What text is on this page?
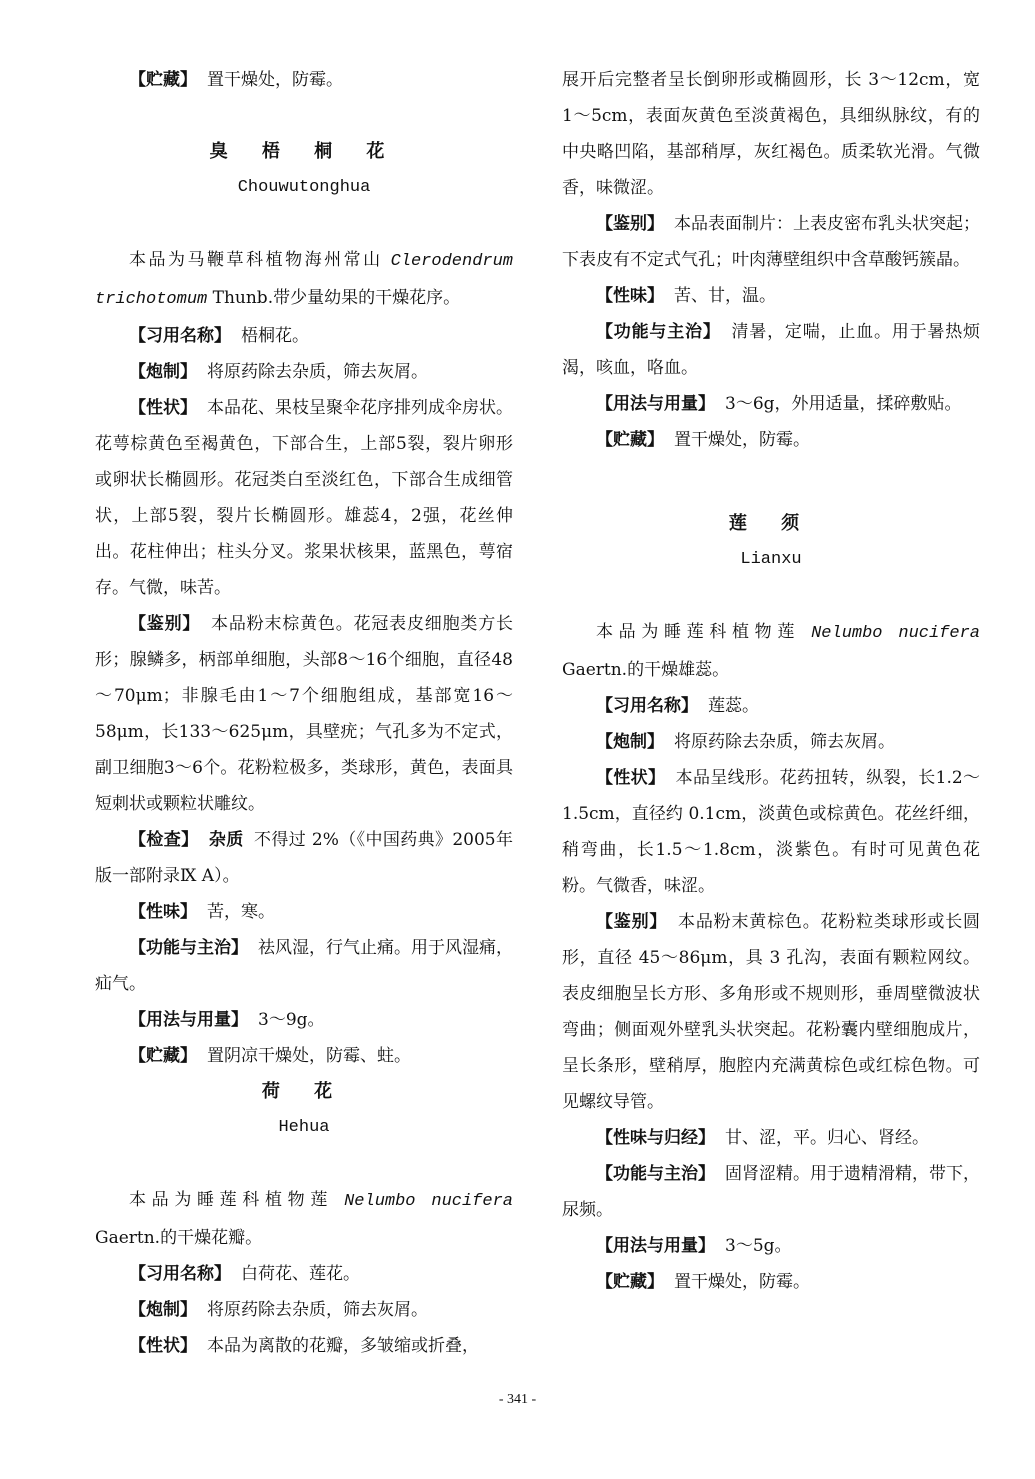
【贮藏】 置干燥处，防霉。

臭 梧 桐 花

Chouwutonghua

本品为马鞭草科植物海州常山 Clerodendrum trichotomum Thunb.带少量幼果的干燥花序。

【习用名称】 梧桐花。

【炮制】 将原药除去杂质，筛去灰屑。

【性状】 本品花、果枝呈聚伞花序排列成伞房状。花萼棕黄色至褐黄色，下部合生，上部5裂，裂片卵形或卵状长椭圆形。花冠类白至淡红色，下部合生成细管状，上部5裂，裂片长椭圆形。雄蕊4，2强，花丝伸出。花柱伸出；柱头分叉。浆果状核果，蓝黑色，萼宿存。气微，味苦。

【鉴别】 本品粉末棕黄色。花冠表皮细胞类方长形；腺鳞多，柄部单细胞，头部8～16个细胞，直径48～70μm；非腺毛由1～7个细胞组成，基部宽16～58μm，长133～625μm，具壁疣；气孔多为不定式，副卫细胞3～6个。花粉粒极多，类球形，黄色，表面具短刺状或颗粒状雕纹。

【检查】 杂质 不得过 2%（《中国药典》2005年版一部附录Ⅸ A）。

【性味】 苦，寒。

【功能与主治】 祛风湿，行气止痛。用于风湿痛，疝气。

【用法与用量】 3～9g。

【贮藏】 置阴凉干燥处，防霉、蛀。

荷 花

Hehua

本品为睡莲科植物莲 Nelumbo nucifera Gaertn.的干燥花瓣。

【习用名称】 白荷花、莲花。

【炮制】 将原药除去杂质，筛去灰屑。

【性状】 本品为离散的花瓣，多皱缩或折叠，

展开后完整者呈长倒卵形或椭圆形，长 3～12cm，宽 1～5cm，表面灰黄色至淡黄褐色，具细纵脉纹，有的中央略凹陷，基部稍厚，灰红褐色。质柔软光滑。气微香，味微涩。

【鉴别】 本品表面制片：上表皮密布乳头状突起；下表皮有不定式气孔；叶肉薄壁组织中含草酸钙簇晶。

【性味】 苦、甘，温。

【功能与主治】 清暑，定喘，止血。用于暑热烦渴，咳血，咯血。

【用法与用量】 3～6g，外用适量，揉碎敷贴。

【贮藏】 置干燥处，防霉。

莲 须

Lianxu

本品为睡莲科植物莲 Nelumbo nucifera Gaertn.的干燥雄蕊。

【习用名称】 莲蕊。

【炮制】 将原药除去杂质，筛去灰屑。

【性状】 本品呈线形。花药扭转，纵裂，长1.2～1.5cm，直径约 0.1cm，淡黄色或棕黄色。花丝纤细，稍弯曲，长1.5～1.8cm，淡紫色。有时可见黄色花粉。气微香，味涩。

【鉴别】 本品粉末黄棕色。花粉粒类球形或长圆形，直径 45～86μm，具 3 孔沟，表面有颗粒网纹。表皮细胞呈长方形、多角形或不规则形，垂周壁微波状弯曲；侧面观外壁乳头状突起。花粉囊内壁细胞成片，呈长条形，壁稍厚，胞腔内充满黄棕色或红棕色物。可见螺纹导管。

【性味与归经】 甘、涩，平。归心、肾经。

【功能与主治】 固肾涩精。用于遗精滑精，带下，尿频。

【用法与用量】 3～5g。

【贮藏】 置干燥处，防霉。

- 341 -
